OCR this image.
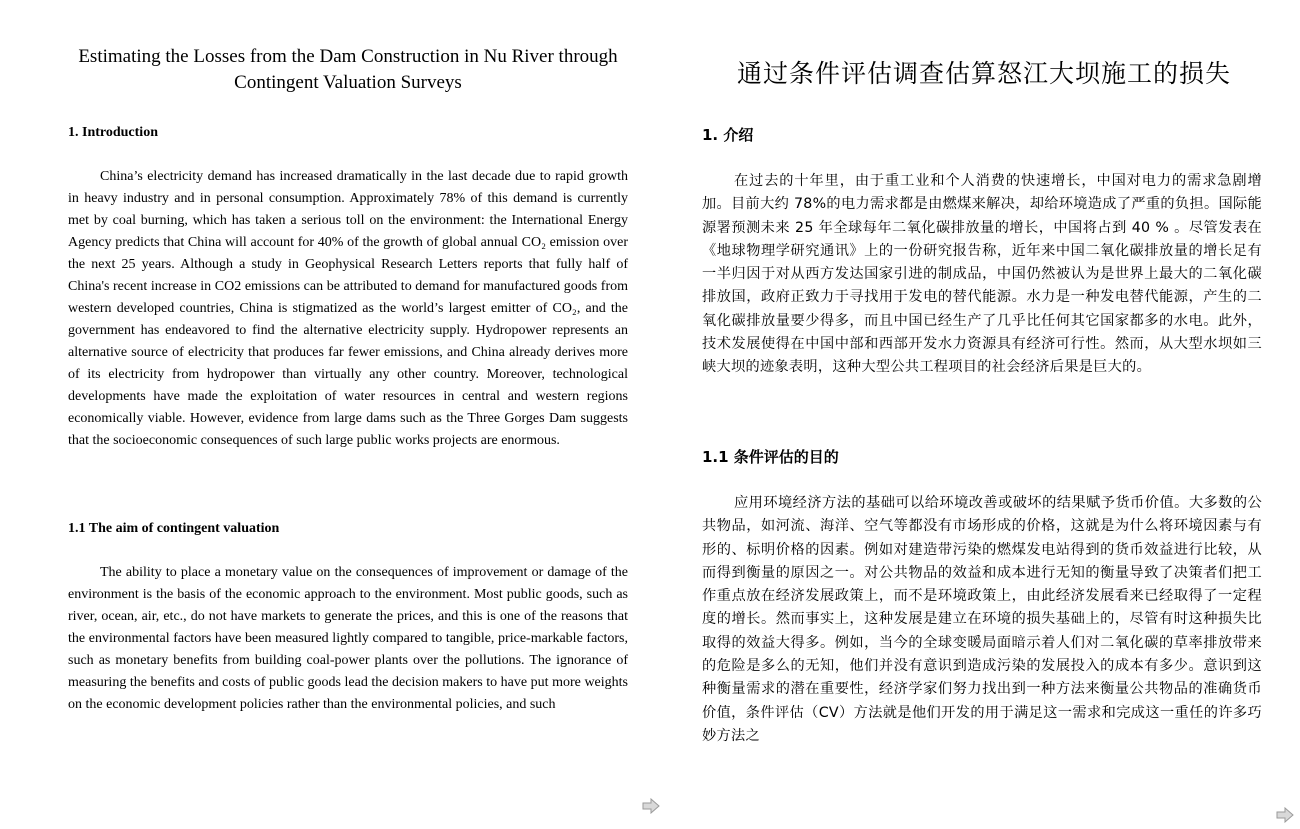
Estimating the Losses from the Dam Construction in Nu River through Contingent Valuation Surveys
1. Introduction

China’s electricity demand has increased dramatically in the last decade due to rapid growth in heavy industry and in personal consumption. Approximately 78% of this demand is currently met by coal burning, which has taken a serious toll on the environment: the International Energy Agency predicts that China will account for 40% of the growth of global annual CO₂ emission over the next 25 years. Although a study in Geophysical Research Letters reports that fully half of China's recent increase in CO2 emissions can be attributed to demand for manufactured goods from western developed countries, China is stigmatized as the world’s largest emitter of CO₂, and the government has endeavored to find the alternative electricity supply. Hydropower represents an alternative source of electricity that produces far fewer emissions, and China already derives more of its electricity from hydropower than virtually any other country. Moreover, technological developments have made the exploitation of water resources in central and western regions economically viable. However, evidence from large dams such as the Three Gorges Dam suggests that the socioeconomic consequences of such large public works projects are enormous.

1.1 The aim of contingent valuation

The ability to place a monetary value on the consequences of improvement or damage of the environment is the basis of the economic approach to the environment. Most public goods, such as river, ocean, air, etc., do not have markets to generate the prices, and this is one of the reasons that the environmental factors have been measured lightly compared to tangible, price-markable factors, such as monetary benefits from building coal-power plants over the pollutions. The ignorance of measuring the benefits and costs of public goods lead the decision makers to have put more weights on the economic development policies rather than the environmental policies, and such

通过条件评估调查估算怒江大坝施工的损失
1. 介绍

在过去的十年里，由于重工业和个人消费的快速增长，中国对电力的需求急剧增加。目前大约 78%的电力需求都是由燃煤来解决，却给环境造成了严重的负担。国际能源署预测未来 25 年全球每年二氧化碳排放量的增长，中国将占到 40 % 。尽管发表在《地球物理学研究通讯》上的一份研究报告称，近年来中国二氧化碳排放量的增长足有一半归因于对从西方发达国家引进的制成品，中国仍然被认为是世界上最大的二氧化碳排放国，政府正致力于寻找用于发电的替代能源。水力是一种发电替代能源，产生的二氧化碳排放量要少得多，而且中国已经生产了几乎比任何其它国家都多的水电。此外，技术发展使得在中国中部和西部开发水力资源具有经济可行性。然而，从大型水坝如三峡大坝的迹象表明，这种大型公共工程项目的社会经济后果是巨大的。

1.1 条件评估的目的

应用环境经济方法的基础可以给环境改善或破坏的结果赋予货币价值。大多数的公共物品，如河流、海洋、空气等都没有市场形成的价格，这就是为什么将环境因素与有形的、标明价格的因素。例如对建造带污染的燃煤发电站得到的货币效益进行比较，从而得到衡量的原因之一。对公共物品的效益和成本进行无知的衡量导致了决策者们把工作重点放在经济发展政策上，而不是环境政策上，由此经济发展看来已经取得了一定程度的增长。然而事实上，这种发展是建立在环境的损失基础上的，尽管有时这种损失比取得的效益大得多。例如，当今的全球变暖局面暗示着人们对二氧化碳的草率排放带来的危险是多么的无知，他们并没有意识到造成污染的发展投入的成本有多少。意识到这种衡量需求的潜在重要性，经济学家们努力找出到一种方法来衡量公共物品的准确货币价值，条件评估（CV）方法就是他们开发的用于满足这一需求和完成这一重任的许多巧妙方法之
